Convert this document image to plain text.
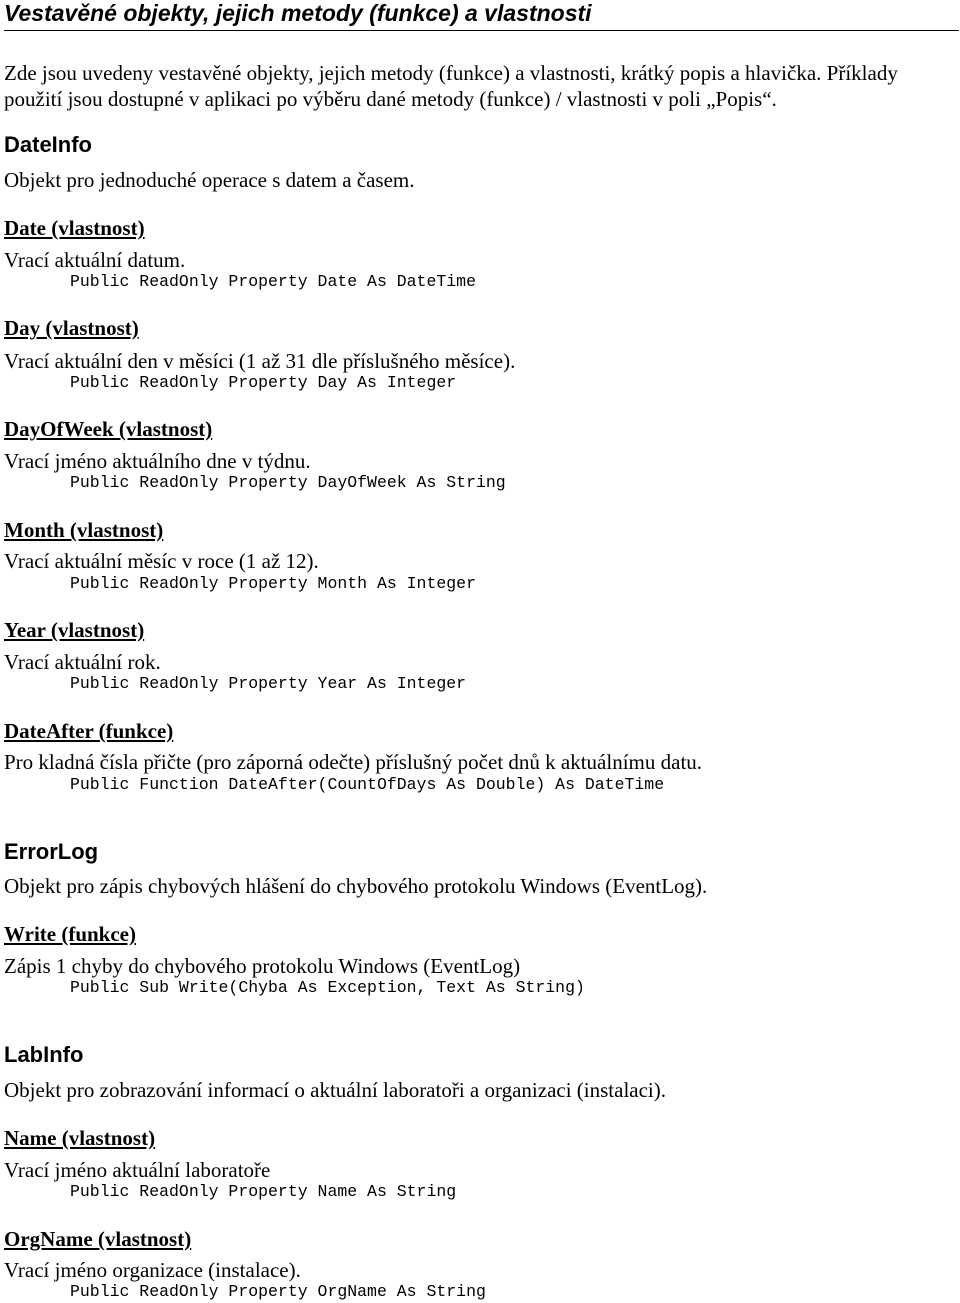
Vestavěné objekty, jejich metody (funkce) a vlastnosti

Zde jsou uvedeny vestavěné objekty, jejich metody (funkce) a vlastnosti, krátký popis a hlavička. Příklady použití jsou dostupné v aplikaci po výběru dané metody (funkce) / vlastnosti v poli „Popis“.

DateInfo

Objekt pro jednoduché operace s datem a časem.

Date (vlastnost)

Vrací aktuální datum.

Public ReadOnly Property Date As DateTime

Day (vlastnost)

Vrací aktuální den v měsíci (1 až 31 dle příslušného měsíce).

Public ReadOnly Property Day As Integer

DayOfWeek (vlastnost)

Vrací jméno aktuálního dne v týdnu.

Public ReadOnly Property DayOfWeek As String

Month (vlastnost)

Vrací aktuální měsíc v roce (1 až 12).

Public ReadOnly Property Month As Integer

Year (vlastnost)

Vrací aktuální rok.

Public ReadOnly Property Year As Integer

DateAfter (funkce)

Pro kladná čísla přičte (pro záporná odečte) příslušný počet dnů k aktuálnímu datu.

Public Function DateAfter(CountOfDays As Double) As DateTime
ErrorLog

Objekt pro zápis chybových hlášení do chybového protokolu Windows (EventLog).

Write (funkce)

Zápis 1 chyby do chybového protokolu Windows (EventLog)

Public Sub Write(Chyba As Exception, Text As String)
LabInfo

Objekt pro zobrazování informací o aktuální laboratoři a organizaci (instalaci).

Name (vlastnost)

Vrací jméno aktuální laboratoře

Public ReadOnly Property Name As String

OrgName (vlastnost)

Vrací jméno organizace (instalace).

Public ReadOnly Property OrgName As String
